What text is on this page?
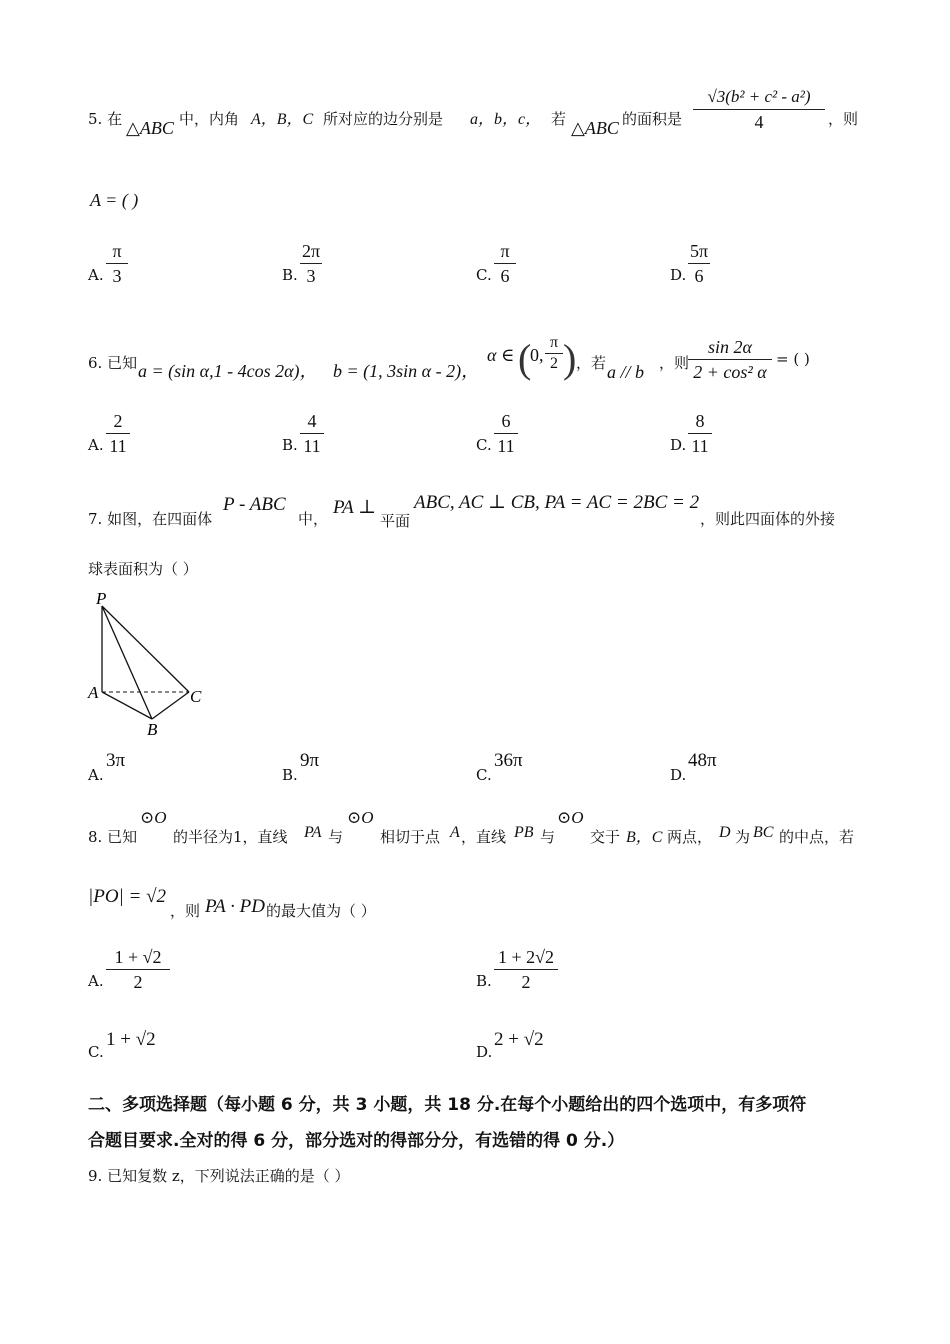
5. 在 △ABC 中，内角 A，B，C 所对应的边分别是 a，b，c， 若 △ABC 的面积是
√3(b² + c² - a²)
4	，则
A = ( )
A.
π
3	B.
2π
3	C.
π
6	D.
5π
6
6. 已知 a = (sin α,1 - 4cos 2α)， b = (1, 3sin α - 2)，
α ∈ (
0,
π
2 ) ，若 a // b ，则
sin 2α
2 + cos² α
= ( )
A.
2
11	B.
4
11	C.
6
11	D.
8
11
7. 如图，在四面体
P - ABC
中，
PA ⊥
平面
ABC, AC ⊥ CB, PA = AC = 2BC = 2
，则此四面体的外接
球表面积为（ ）
P
A
B
C
A.
3π
B.
9π
C.
36π
D.
48π
8. 已知
⊙O
的半径为1，直线 PA 与
⊙O
相切于点 A ，直线 PB 与
⊙O
交于 B，C 两点， D 为 BC 的中点，若
|PO| = √2
，则 PA · PD 的最大值为（ ）
A.
1 + √2
2	B.
1 + 2√2
2
C.
1 + √2
D.
2 + √2
二、多项选择题（每小题 6 分，共 3 小题，共 18 分.在每个小题给出的四个选项中，有多项符
合题目要求.全对的得 6 分，部分选对的得部分分，有选错的得 0 分.）
9. 已知复数 z，下列说法正确的是（ ）
